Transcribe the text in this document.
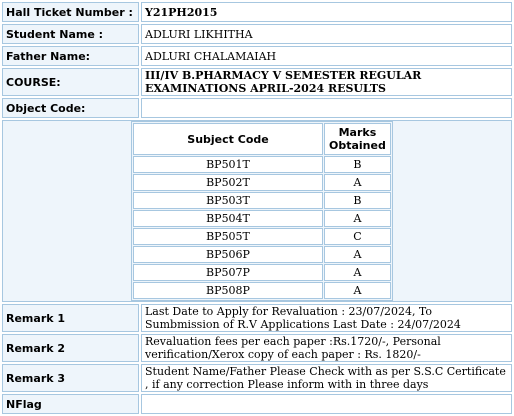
Hall Ticket Number :	Y21PH2015
Student Name :	ADLURI LIKHITHA
Father Name:	ADLURI CHALAMAIAH
COURSE:	III/IV B.PHARMACY V SEMESTER REGULAR EXAMINATIONS APRIL-2024 RESULTS
Object Code:	

Subject Code	Marks Obtained
BP501T	B
BP502T	A
BP503T	B
BP504T	A
BP505T	C
BP506P	A
BP507P	A
BP508P	A

Remark 1	Last Date to Apply for Revaluation : 23/07/2024, To Sumbmission of R.V Applications Last Date : 24/07/2024
Remark 2	Revaluation fees per each paper :Rs.1720/-, Personal verification/Xerox copy of each paper : Rs. 1820/-
Remark 3	Student Name/Father Please Check with as per S.S.C Certificate , if any correction Please inform with in three days
NFlag	
